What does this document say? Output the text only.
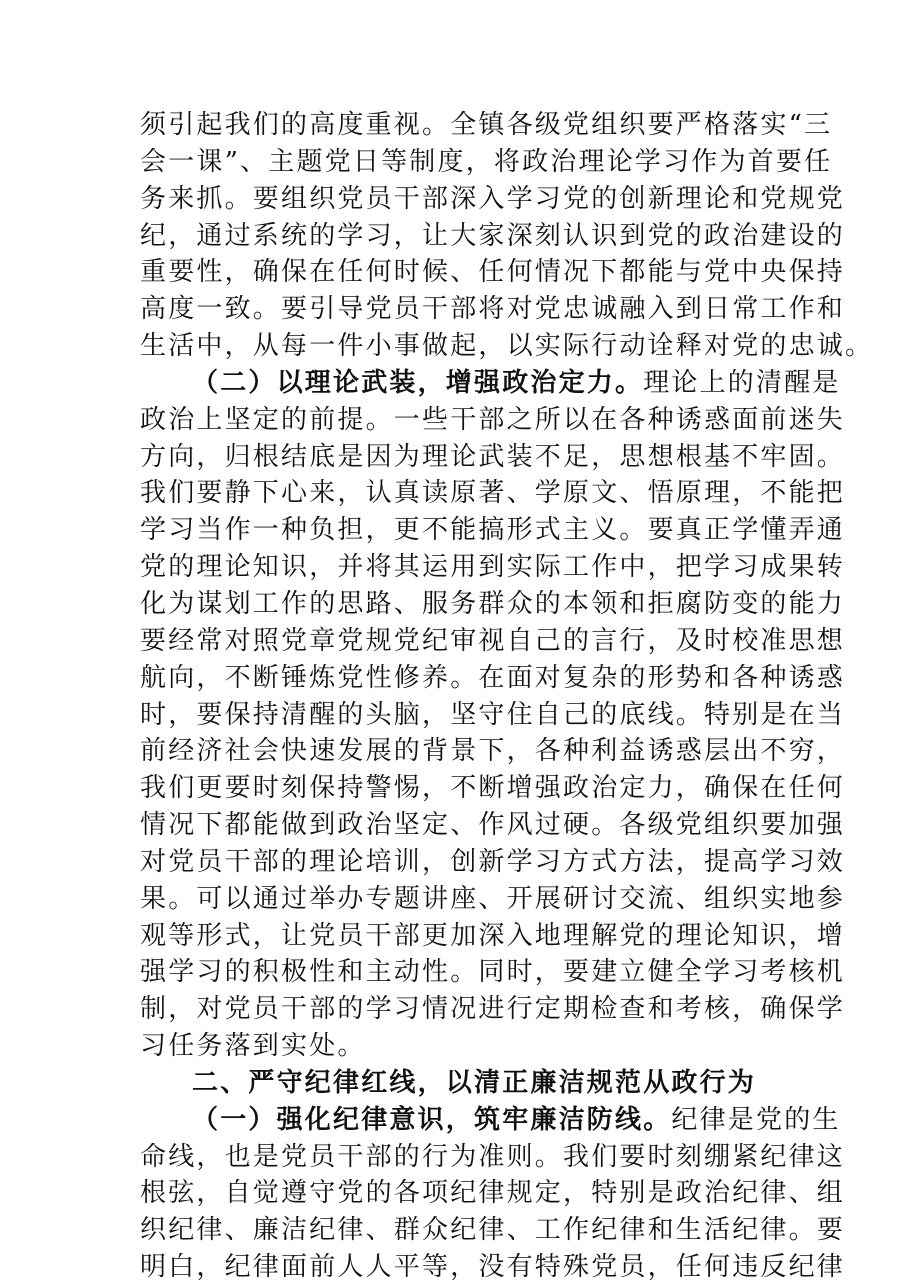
须引起我们的高度重视。全镇各级党组织要严格落实“三
会一课”、主题党日等制度，将政治理论学习作为首要任
务来抓。要组织党员干部深入学习党的创新理论和党规党
纪，通过系统的学习，让大家深刻认识到党的政治建设的
重要性，确保在任何时候、任何情况下都能与党中央保持
高度一致。要引导党员干部将对党忠诚融入到日常工作和
生活中，从每一件小事做起，以实际行动诠释对党的忠诚。
（二）以理论武装，增强政治定力。理论上的清醒是
政治上坚定的前提。一些干部之所以在各种诱惑面前迷失
方向，归根结底是因为理论武装不足，思想根基不牢固。
我们要静下心来，认真读原著、学原文、悟原理，不能把
学习当作一种负担，更不能搞形式主义。要真正学懂弄通
党的理论知识，并将其运用到实际工作中，把学习成果转
化为谋划工作的思路、服务群众的本领和拒腐防变的能力
要经常对照党章党规党纪审视自己的言行，及时校准思想
航向，不断锤炼党性修养。在面对复杂的形势和各种诱惑
时，要保持清醒的头脑，坚守住自己的底线。特别是在当
前经济社会快速发展的背景下，各种利益诱惑层出不穷，
我们更要时刻保持警惕，不断增强政治定力，确保在任何
情况下都能做到政治坚定、作风过硬。各级党组织要加强
对党员干部的理论培训，创新学习方式方法，提高学习效
果。可以通过举办专题讲座、开展研讨交流、组织实地参
观等形式，让党员干部更加深入地理解党的理论知识，增
强学习的积极性和主动性。同时，要建立健全学习考核机
制，对党员干部的学习情况进行定期检查和考核，确保学
习任务落到实处。
二、严守纪律红线，以清正廉洁规范从政行为
（一）强化纪律意识，筑牢廉洁防线。纪律是党的生
命线，也是党员干部的行为准则。我们要时刻绷紧纪律这
根弦，自觉遵守党的各项纪律规定，特别是政治纪律、组
织纪律、廉洁纪律、群众纪律、工作纪律和生活纪律。要
明白，纪律面前人人平等，没有特殊党员，任何违反纪律
